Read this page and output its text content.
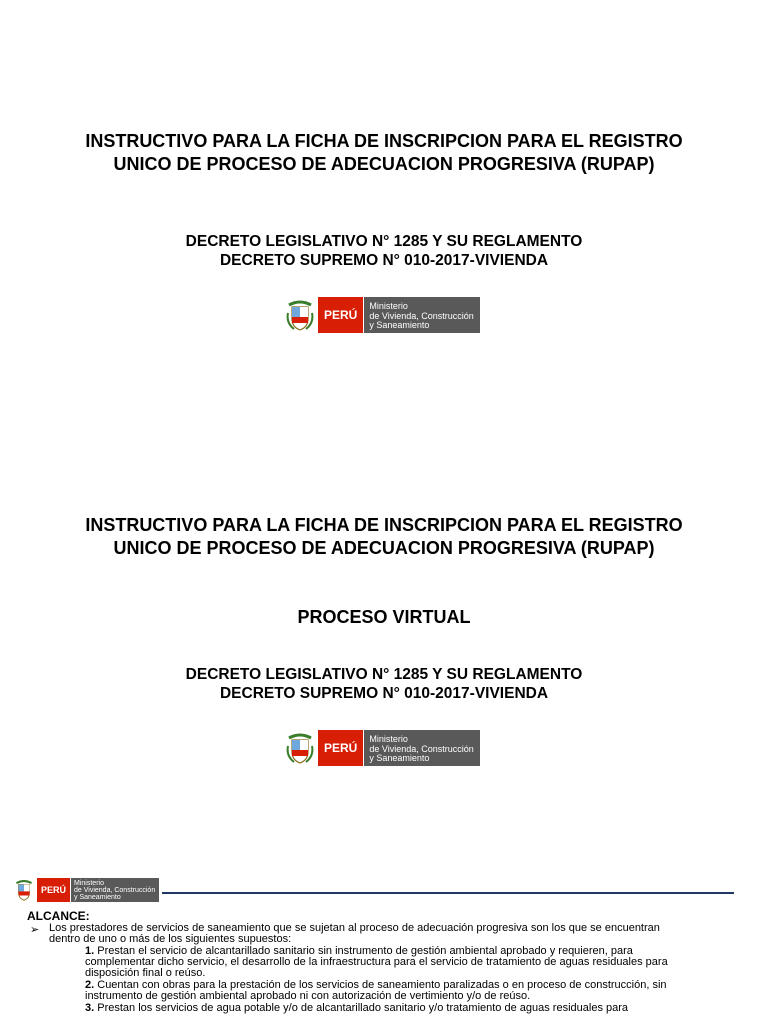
INSTRUCTIVO PARA LA FICHA DE INSCRIPCION PARA EL REGISTRO
UNICO DE PROCESO DE ADECUACION PROGRESIVA (RUPAP)
DECRETO LEGISLATIVO N° 1285 Y SU REGLAMENTO
DECRETO SUPREMO N° 010-2017-VIVIENDA
PERÚ
Ministerio
de Vivienda, Construcción
y Saneamiento
INSTRUCTIVO PARA LA FICHA DE INSCRIPCION PARA EL REGISTRO
UNICO DE PROCESO DE ADECUACION PROGRESIVA (RUPAP)
PROCESO VIRTUAL
DECRETO LEGISLATIVO N° 1285 Y SU REGLAMENTO
DECRETO SUPREMO N° 010-2017-VIVIENDA
PERÚ
Ministerio
de Vivienda, Construcción
y Saneamiento
PERÚ
Ministerio
de Vivienda, Construcción
y Saneamiento
ALCANCE:
➢ Los prestadores de servicios de saneamiento que se sujetan al proceso de adecuación progresiva son los que se encuentran
dentro de uno o más de los siguientes supuestos:
1. Prestan el servicio de alcantarillado sanitario sin instrumento de gestión ambiental aprobado y requieren, para
complementar dicho servicio, el desarrollo de la infraestructura para el servicio de tratamiento de aguas residuales para
disposición final o reúso.
2. Cuentan con obras para la prestación de los servicios de saneamiento paralizadas o en proceso de construcción, sin
instrumento de gestión ambiental aprobado ni con autorización de vertimiento y/o de reúso.
3. Prestan los servicios de agua potable y/o de alcantarillado sanitario y/o tratamiento de aguas residuales para
